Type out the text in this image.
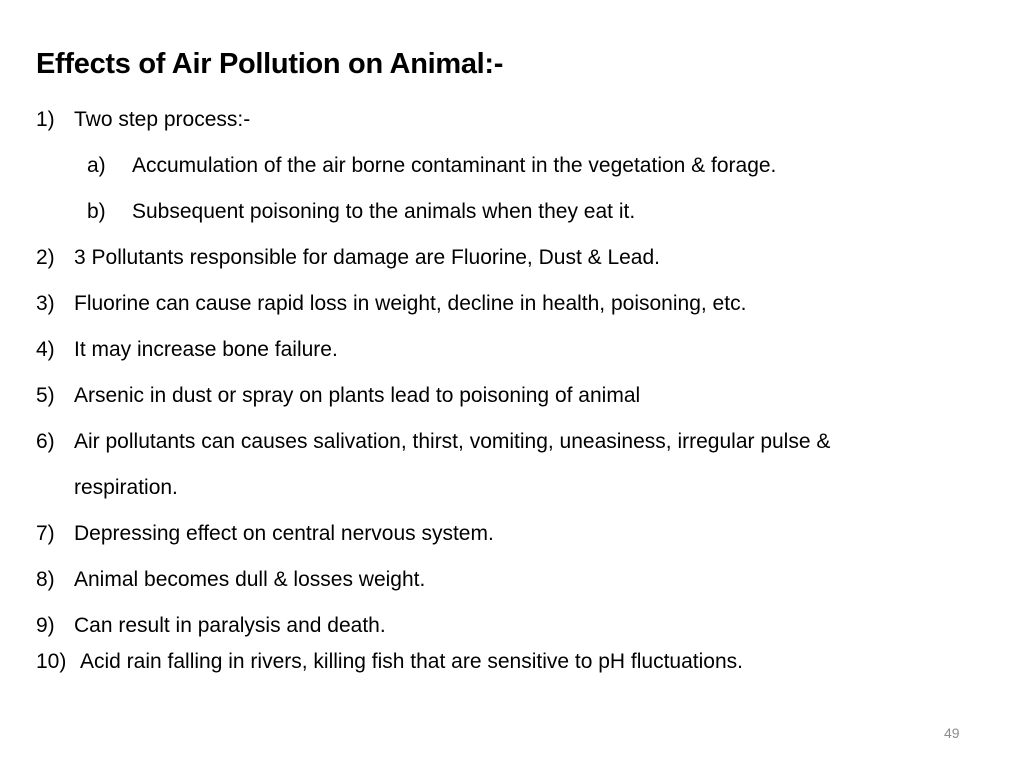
Effects of Air Pollution on Animal:-
1) Two step process:-
a) Accumulation of the air borne contaminant in the vegetation & forage.
b) Subsequent poisoning to the animals when they eat it.
2) 3 Pollutants responsible for damage are Fluorine, Dust & Lead.
3) Fluorine can cause rapid loss in weight, decline in health, poisoning, etc.
4) It may increase bone failure.
5) Arsenic in dust or spray on plants lead to poisoning of animal
6) Air pollutants can causes salivation, thirst, vomiting, uneasiness, irregular pulse &
respiration.
7) Depressing effect on central nervous system.
8) Animal becomes dull & losses weight.
9) Can result in paralysis and death.
10) Acid rain falling in rivers, killing fish that are sensitive to pH fluctuations.
49
